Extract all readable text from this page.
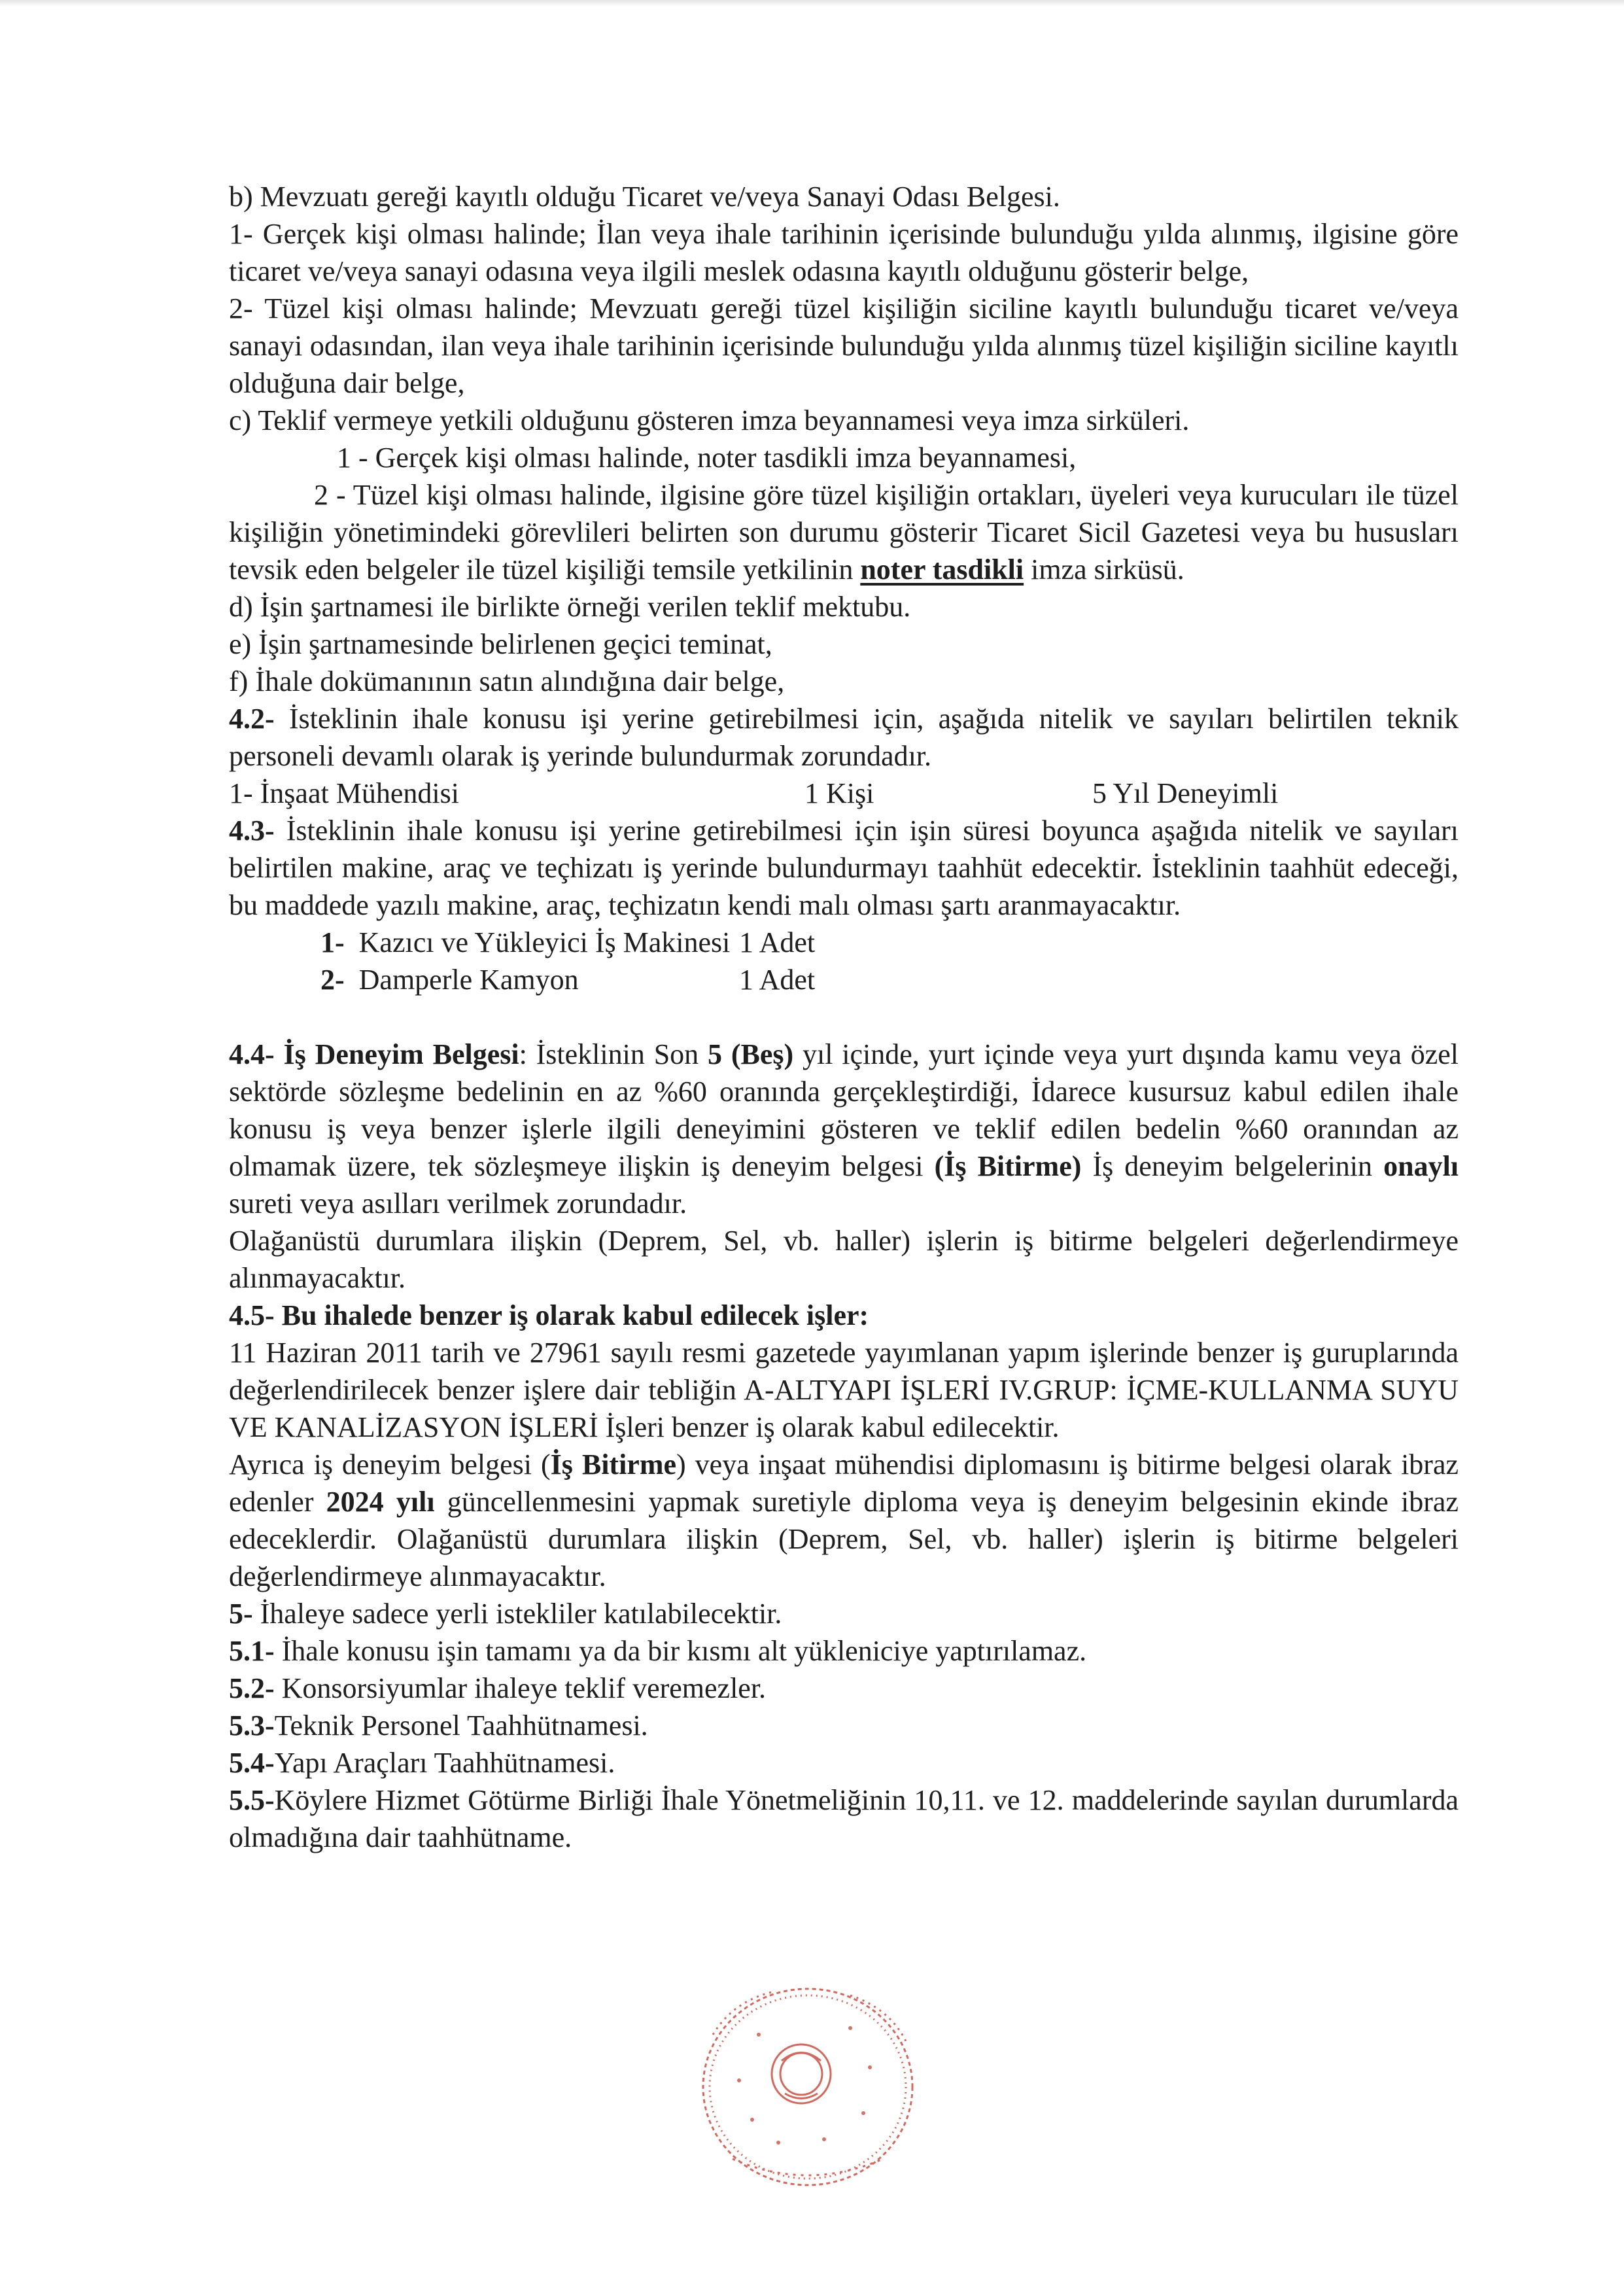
b) Mevzuatı gereği kayıtlı olduğu Ticaret ve/veya Sanayi Odası Belgesi.

1- Gerçek kişi olması halinde; İlan veya ihale tarihinin içerisinde bulunduğu yılda alınmış, ilgisine göre ticaret ve/veya sanayi odasına veya ilgili meslek odasına kayıtlı olduğunu gösterir belge,

2- Tüzel kişi olması halinde; Mevzuatı gereği tüzel kişiliğin siciline kayıtlı bulunduğu ticaret ve/veya sanayi odasından, ilan veya ihale tarihinin içerisinde bulunduğu yılda alınmış tüzel kişiliğin siciline kayıtlı olduğuna dair belge,

c) Teklif vermeye yetkili olduğunu gösteren imza beyannamesi veya imza sirküleri.

1 - Gerçek kişi olması halinde, noter tasdikli imza beyannamesi,

2 - Tüzel kişi olması halinde, ilgisine göre tüzel kişiliğin ortakları, üyeleri veya kurucuları ile tüzel kişiliğin yönetimindeki görevlileri belirten son durumu gösterir Ticaret Sicil Gazetesi veya bu hususları tevsik eden belgeler ile tüzel kişiliği temsile yetkilinin noter tasdikli imza sirküsü.

d) İşin şartnamesi ile birlikte örneği verilen teklif mektubu.

e) İşin şartnamesinde belirlenen geçici teminat,

f) İhale dokümanının satın alındığına dair belge,

4.2- İsteklinin ihale konusu işi yerine getirebilmesi için, aşağıda nitelik ve sayıları belirtilen teknik personeli devamlı olarak iş yerinde bulundurmak zorundadır.

1- İnşaat Mühendisi	1 Kişi	5 Yıl Deneyimli

4.3- İsteklinin ihale konusu işi yerine getirebilmesi için işin süresi boyunca aşağıda nitelik ve sayıları belirtilen makine, araç ve teçhizatı iş yerinde bulundurmayı taahhüt edecektir. İsteklinin taahhüt edeceği, bu maddede yazılı makine, araç, teçhizatın kendi malı olması şartı aranmayacaktır.

1- Kazıcı ve Yükleyici İş Makinesi 1 Adet
2- Damperle Kamyon	1 Adet

4.4- İş Deneyim Belgesi: İsteklinin Son 5 (Beş) yıl içinde, yurt içinde veya yurt dışında kamu veya özel sektörde sözleşme bedelinin en az %60 oranında gerçekleştirdiği, İdarece kusursuz kabul edilen ihale konusu iş veya benzer işlerle ilgili deneyimini gösteren ve teklif edilen bedelin %60 oranından az olmamak üzere, tek sözleşmeye ilişkin iş deneyim belgesi (İş Bitirme) İş deneyim belgelerinin onaylı sureti veya asılları verilmek zorundadır.

Olağanüstü durumlara ilişkin (Deprem, Sel, vb. haller) işlerin iş bitirme belgeleri değerlendirmeye alınmayacaktır.

4.5- Bu ihalede benzer iş olarak kabul edilecek işler:

11 Haziran 2011 tarih ve 27961 sayılı resmi gazetede yayımlanan yapım işlerinde benzer iş guruplarında değerlendirilecek benzer işlere dair tebliğin A-ALTYAPI İŞLERİ IV.GRUP: İÇME-KULLANMA SUYU VE KANALİZASYON İŞLERİ İşleri benzer iş olarak kabul edilecektir.

Ayrıca iş deneyim belgesi (İş Bitirme) veya inşaat mühendisi diplomasını iş bitirme belgesi olarak ibraz edenler 2024 yılı güncellenmesini yapmak suretiyle diploma veya iş deneyim belgesinin ekinde ibraz edeceklerdir. Olağanüstü durumlara ilişkin (Deprem, Sel, vb. haller) işlerin iş bitirme belgeleri değerlendirmeye alınmayacaktır.

5- İhaleye sadece yerli istekliler katılabilecektir.

5.1- İhale konusu işin tamamı ya da bir kısmı alt yükleniciye yaptırılamaz.

5.2- Konsorsiyumlar ihaleye teklif veremezler.

5.3-Teknik Personel Taahhütnamesi.

5.4-Yapı Araçları Taahhütnamesi.

5.5-Köylere Hizmet Götürme Birliği İhale Yönetmeliğinin 10,11. ve 12. maddelerinde sayılan durumlarda olmadığına dair taahhütname.
